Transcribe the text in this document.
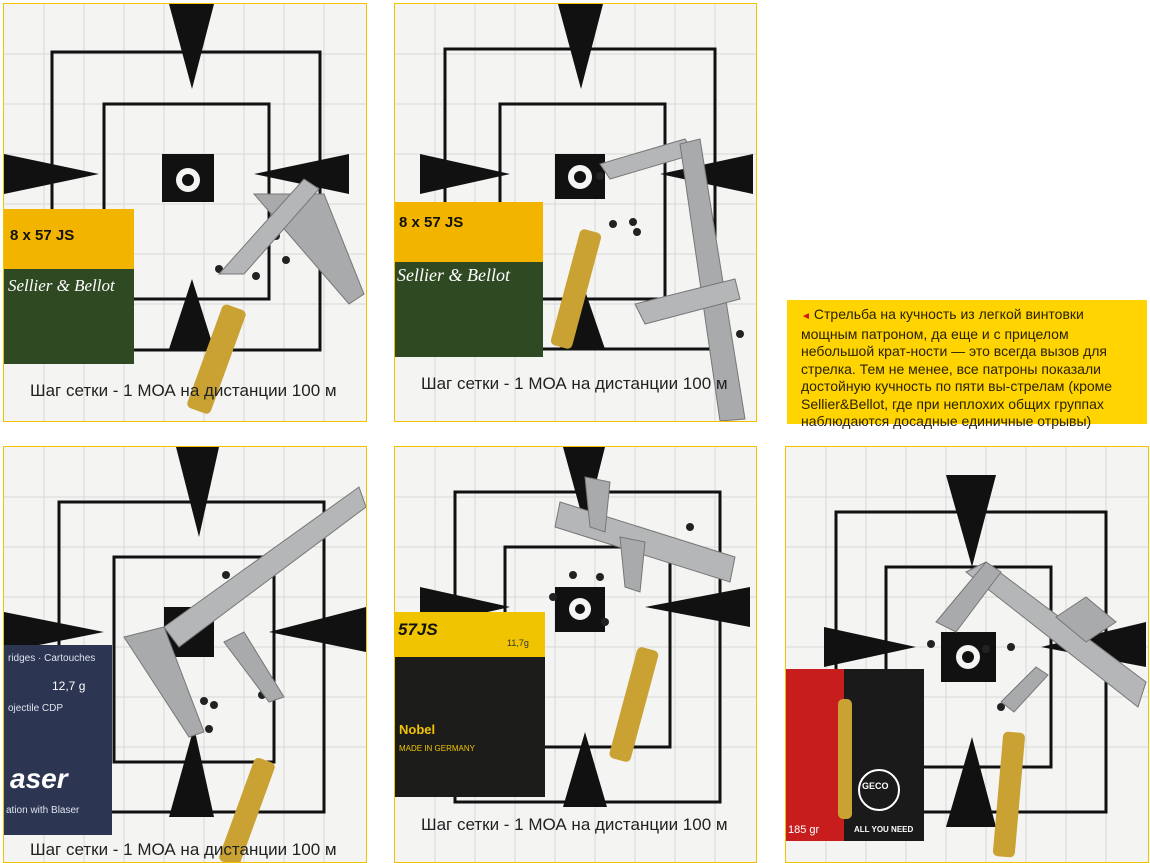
8 x 57 JS
Sellier & Bellot
Шаг сетки - 1 МОА на дистанции 100 м
8 x 57 JS
Sellier & Bellot
Шаг сетки - 1 МОА на дистанции 100 м
ridges · Cartouches
12,7 g
ojectile CDP
aser
ation with Blaser
Шаг сетки - 1 МОА на дистанции 100 м
57JS
11,7g
Nobel
MADE IN GERMANY
Шаг сетки - 1 МОА на дистанции 100 м
GECO
185 gr	ALL YOU NEED
◄ Стрельба на кучность из легкой винтовки мощным патроном, да еще и с прицелом небольшой крат-ности — это всегда вызов для стрелка. Тем не менее, все патроны показали достойную кучность по пяти вы-стрелам (кроме Sellier&Bellot, где при неплохих общих группах наблюдаются досадные единичные отрывы)
